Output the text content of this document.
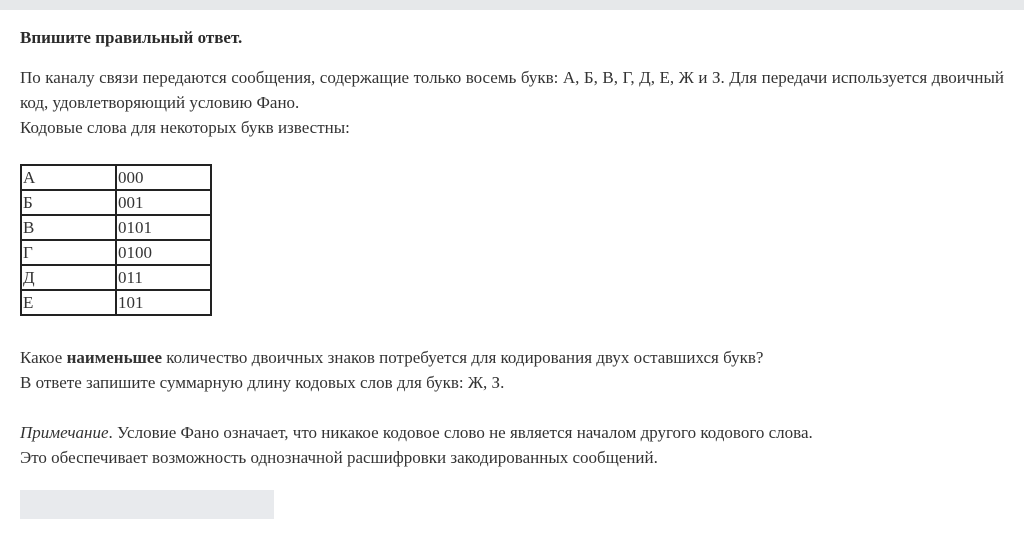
Впишите правильный ответ.

По каналу связи передаются сообщения, содержащие только восемь букв: А, Б, В, Г, Д, Е, Ж и З. Для передачи используется двоичный код, удовлетворяющий условию Фано.
Кодовые слова для некоторых букв известны:

А	000
Б	001
В	0101
Г	0100
Д	011
Е	101

Какое наименьшее количество двоичных знаков потребуется для кодирования двух оставшихся букв?
В ответе запишите суммарную длину кодовых слов для букв: Ж, З.

Примечание. Условие Фано означает, что никакое кодовое слово не является началом другого кодового слова.
Это обеспечивает возможность однозначной расшифровки закодированных сообщений.
